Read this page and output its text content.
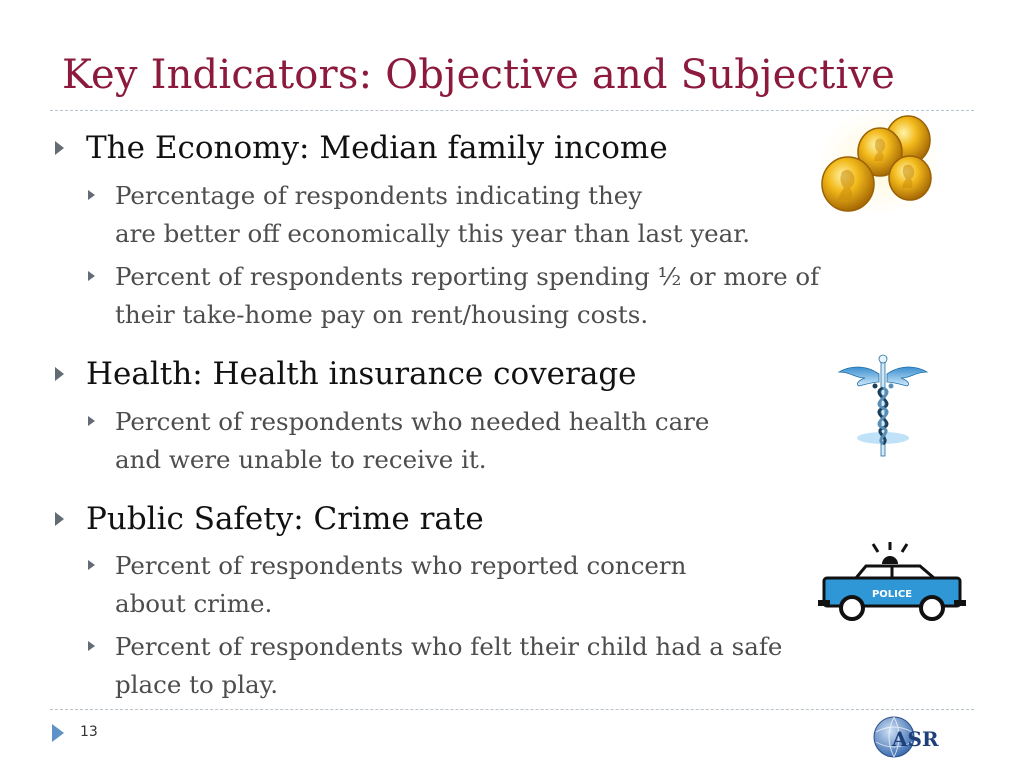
Key Indicators: Objective and Subjective
The Economy: Median family income
Percentage of respondents indicating they
are better off economically this year than last year.
Percent of respondents reporting spending ½ or more of
their take-home pay on rent/housing costs.
Health: Health insurance coverage
Percent of respondents who needed health care
and were unable to receive it.
Public Safety: Crime rate
Percent of respondents who reported concern
about crime.
Percent of respondents who felt their child had a safe
place to play.
POLICE
13	ASR
